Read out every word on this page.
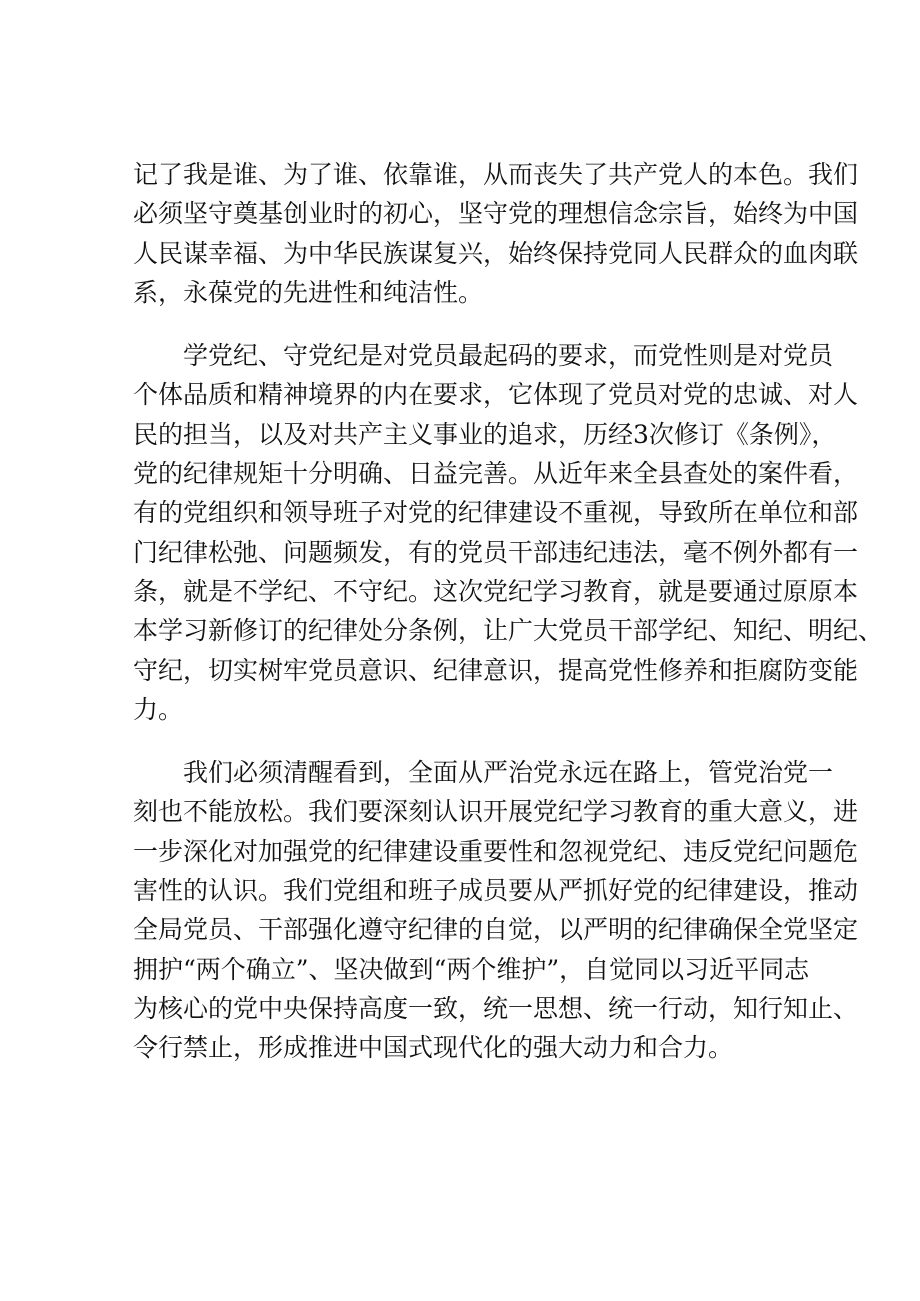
记了我是谁、为了谁、依靠谁，从而丧失了共产党人的本色。我们
必须坚守奠基创业时的初心，坚守党的理想信念宗旨，始终为中国
人民谋幸福、为中华民族谋复兴，始终保持党同人民群众的血肉联
系，永葆党的先进性和纯洁性。
学党纪、守党纪是对党员最起码的要求，而党性则是对党员
个体品质和精神境界的内在要求，它体现了党员对党的忠诚、对人
民的担当，以及对共产主义事业的追求，历经3次修订《条例》，
党的纪律规矩十分明确、日益完善。从近年来全县查处的案件看，
有的党组织和领导班子对党的纪律建设不重视，导致所在单位和部
门纪律松弛、问题频发，有的党员干部违纪违法，毫不例外都有一
条，就是不学纪、不守纪。这次党纪学习教育，就是要通过原原本
本学习新修订的纪律处分条例，让广大党员干部学纪、知纪、明纪、
守纪，切实树牢党员意识、纪律意识，提高党性修养和拒腐防变能
力。
我们必须清醒看到，全面从严治党永远在路上，管党治党一
刻也不能放松。我们要深刻认识开展党纪学习教育的重大意义，进
一步深化对加强党的纪律建设重要性和忽视党纪、违反党纪问题危
害性的认识。我们党组和班子成员要从严抓好党的纪律建设，推动
全局党员、干部强化遵守纪律的自觉，以严明的纪律确保全党坚定
拥护“两个确立”、坚决做到“两个维护”，自觉同以习近平同志
为核心的党中央保持高度一致，统一思想、统一行动，知行知止、
令行禁止，形成推进中国式现代化的强大动力和合力。
